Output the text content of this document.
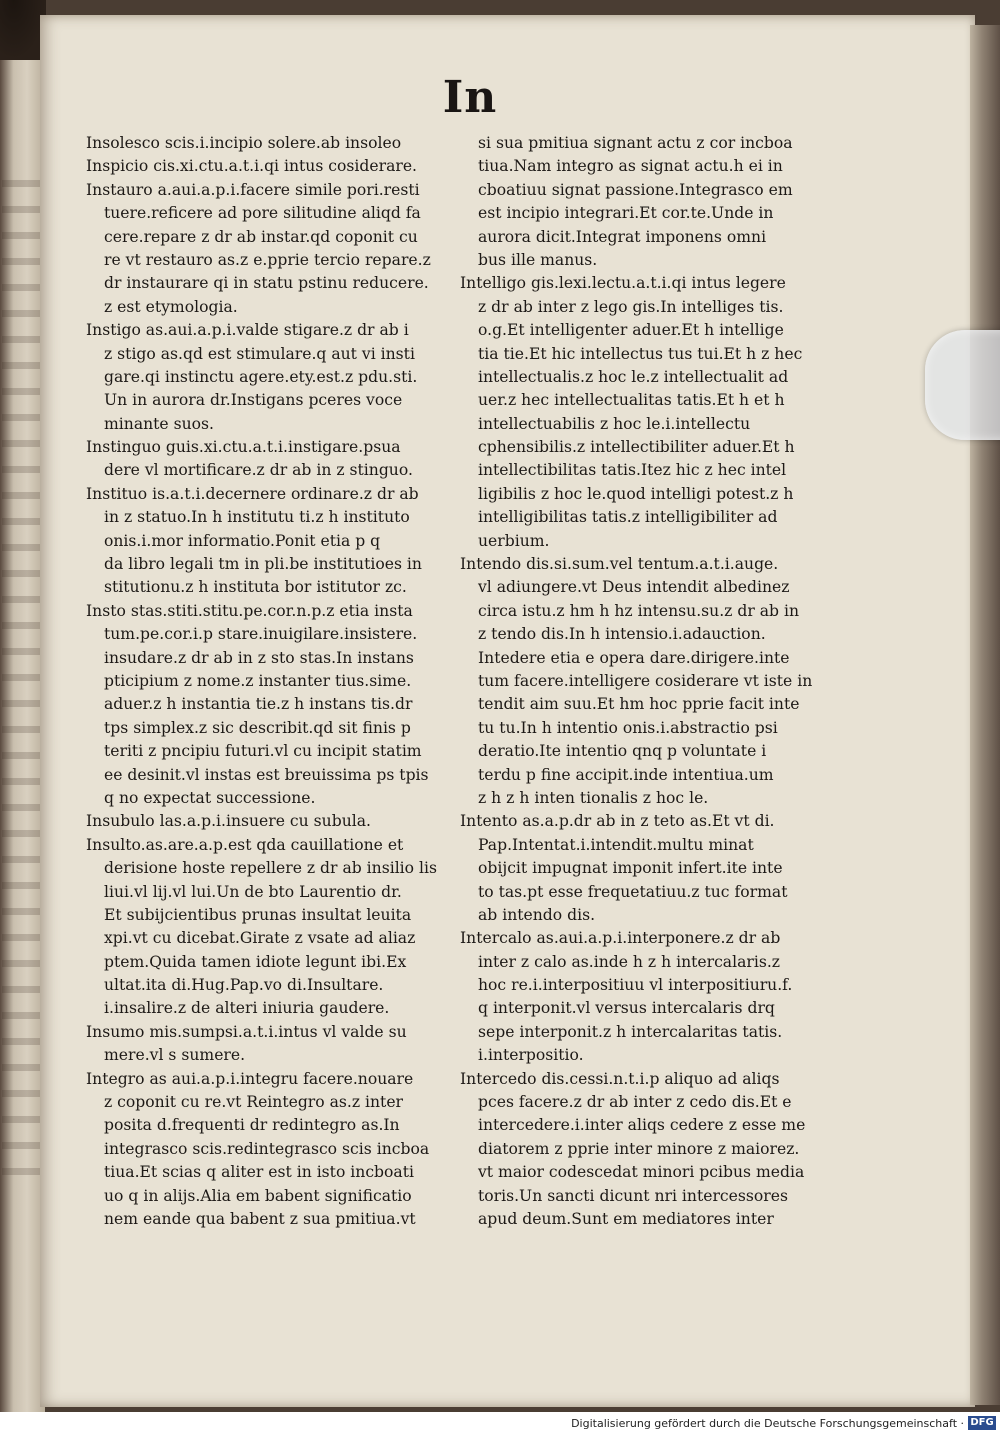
In
Insolesco scis.i.incipio solere.ab insoleo
Inspicio cis.xi.ctu.a.t.i.qi intus cosiderare.
Instauro a.aui.a.p.i.facere simile pori.resti
tuere.reficere ad pore silitudine aliqd fa
cere.repare z dr ab instar.qd coponit cu
re vt restauro as.z e.pprie tercio repare.z
dr instaurare qi in statu pstinu reducere.
z est etymologia.
Instigo as.aui.a.p.i.valde stigare.z dr ab i
z stigo as.qd est stimulare.q aut vi insti
gare.qi instinctu agere.ety.est.z pdu.sti.
Un in aurora dr.Instigans pceres voce
minante suos.
Instinguo guis.xi.ctu.a.t.i.instigare.psua
dere vl mortificare.z dr ab in z stinguo.
Instituo is.a.t.i.decernere ordinare.z dr ab
in z statuo.In h institutu ti.z h instituto
onis.i.mor informatio.Ponit etia p q
da libro legali tm in pli.be institutioes in
stitutionu.z h instituta bor istitutor zc.
Insto stas.stiti.stitu.pe.cor.n.p.z etia insta
tum.pe.cor.i.p stare.inuigilare.insistere.
insudare.z dr ab in z sto stas.In instans
pticipium z nome.z instanter tius.sime.
aduer.z h instantia tie.z h instans tis.dr
tps simplex.z sic describit.qd sit finis p
teriti z pncipiu futuri.vl cu incipit statim
ee desinit.vl instas est breuissima ps tpis
q no expectat successione.
Insubulo las.a.p.i.insuere cu subula.
Insulto.as.are.a.p.est qda cauillatione et
derisione hoste repellere z dr ab insilio lis
liui.vl lij.vl lui.Un de bto Laurentio dr.
Et subijcientibus prunas insultat leuita
xpi.vt cu dicebat.Girate z vsate ad aliaz
ptem.Quida tamen idiote legunt ibi.Ex
ultat.ita di.Hug.Pap.vo di.Insultare.
i.insalire.z de alteri iniuria gaudere.
Insumo mis.sumpsi.a.t.i.intus vl valde su
mere.vl s sumere.
Integro as aui.a.p.i.integru facere.nouare
z coponit cu re.vt Reintegro as.z inter
posita d.frequenti dr redintegro as.In
integrasco scis.redintegrasco scis incboa
tiua.Et scias q aliter est in isto incboati
uo q in alijs.Alia em babent significatio
nem eande qua babent z sua pmitiua.vt
si sua pmitiua signant actu z cor incboa
tiua.Nam integro as signat actu.h ei in
cboatiuu signat passione.Integrasco em
est incipio integrari.Et cor.te.Unde in
aurora dicit.Integrat imponens omni
bus ille manus.
Intelligo gis.lexi.lectu.a.t.i.qi intus legere
z dr ab inter z lego gis.In intelliges tis.
o.g.Et intelligenter aduer.Et h intellige
tia tie.Et hic intellectus tus tui.Et h z hec
intellectualis.z hoc le.z intellectualit ad
uer.z hec intellectualitas tatis.Et h et h
intellectuabilis z hoc le.i.intellectu
cphensibilis.z intellectibiliter aduer.Et h
intellectibilitas tatis.Itez hic z hec intel
ligibilis z hoc le.quod intelligi potest.z h
intelligibilitas tatis.z intelligibiliter ad
uerbium.
Intendo dis.si.sum.vel tentum.a.t.i.auge.
vl adiungere.vt Deus intendit albedinez
circa istu.z hm h hz intensu.su.z dr ab in
z tendo dis.In h intensio.i.adauction.
Intedere etia e opera dare.dirigere.inte
tum facere.intelligere cosiderare vt iste in
tendit aim suu.Et hm hoc pprie facit inte
tu tu.In h intentio onis.i.abstractio psi
deratio.Ite intentio qnq p voluntate i
terdu p fine accipit.inde intentiua.um
z h z h inten tionalis z hoc le.
Intento as.a.p.dr ab in z teto as.Et vt di.
Pap.Intentat.i.intendit.multu minat
obijcit impugnat imponit infert.ite inte
to tas.pt esse frequetatiuu.z tuc format
ab intendo dis.
Intercalo as.aui.a.p.i.interponere.z dr ab
inter z calo as.inde h z h intercalaris.z
hoc re.i.interpositiuu vl interpositiuru.f.
q interponit.vl versus intercalaris drq
sepe interponit.z h intercalaritas tatis.
i.interpositio.
Intercedo dis.cessi.n.t.i.p aliquo ad aliqs
pces facere.z dr ab inter z cedo dis.Et e
intercedere.i.inter aliqs cedere z esse me
diatorem z pprie inter minore z maiorez.
vt maior codescedat minori pcibus media
toris.Un sancti dicunt nri intercessores
apud deum.Sunt em mediatores inter
Digitalisierung gefördert durch die Deutsche Forschungsgemeinschaft · DFG
